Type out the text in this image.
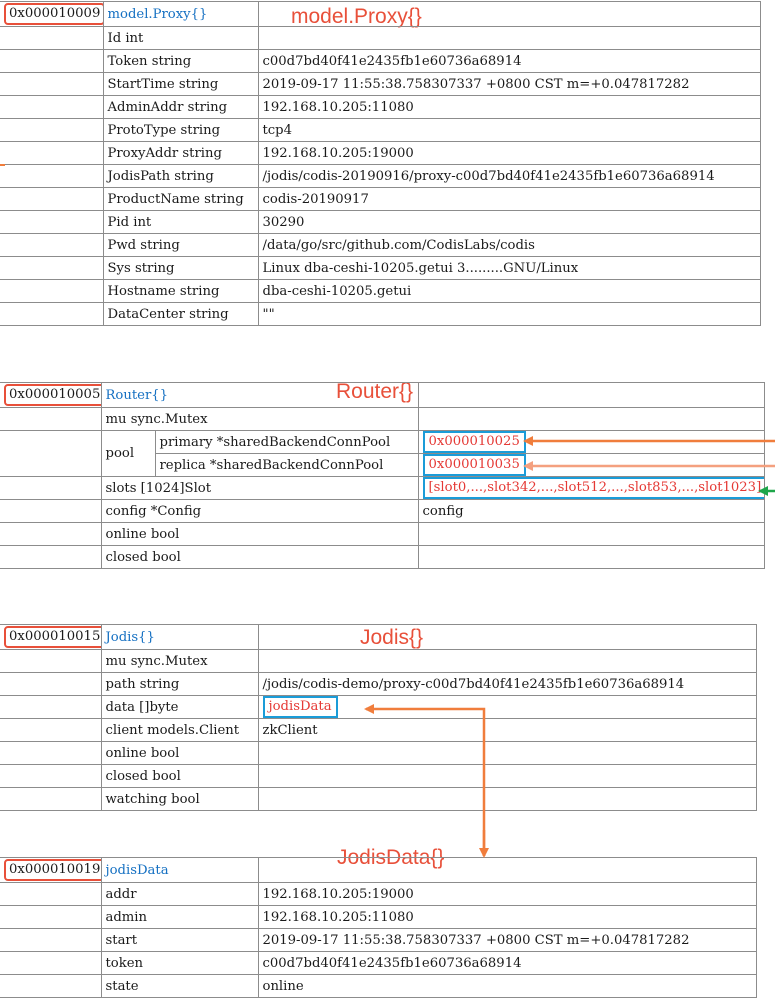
model.Proxy{}
0x000010009	model.Proxy{}	
	Id int	
	Token string	c00d7bd40f41e2435fb1e60736a68914
	StartTime string	2019-09-17 11:55:38.758307337 +0800 CST m=+0.047817282
	AdminAddr string	192.168.10.205:11080
	ProtoType string	tcp4
	ProxyAddr string	192.168.10.205:19000
	JodisPath string	/jodis/codis-20190916/proxy-c00d7bd40f41e2435fb1e60736a68914
	ProductName string	codis-20190917
	Pid int	30290
	Pwd string	/data/go/src/github.com/CodisLabs/codis
	Sys string	Linux dba-ceshi-10205.getui 3.........GNU/Linux
	Hostname string	dba-ceshi-10205.getui
	DataCenter string	""
Router{}
0x000010005	Router{}		
	mu sync.Mutex		
	pool	primary *sharedBackendConnPool	0x000010025
		replica *sharedBackendConnPool	0x000010035
	slots [1024]Slot		[slot0,...,slot342,...,slot512,...,slot853,...,slot1023]
	config *Config		config
	online bool		
	closed bool		
Jodis{}
0x000010015	Jodis{}	
	mu sync.Mutex	
	path string	/jodis/codis-demo/proxy-c00d7bd40f41e2435fb1e60736a68914
	data []byte	jodisData
	client models.Client	zkClient
	online bool	
	closed bool	
	watching bool	
JodisData{}
0x000010019	jodisData	
	addr	192.168.10.205:19000
	admin	192.168.10.205:11080
	start	2019-09-17 11:55:38.758307337 +0800 CST m=+0.047817282
	token	c00d7bd40f41e2435fb1e60736a68914
	state	online
